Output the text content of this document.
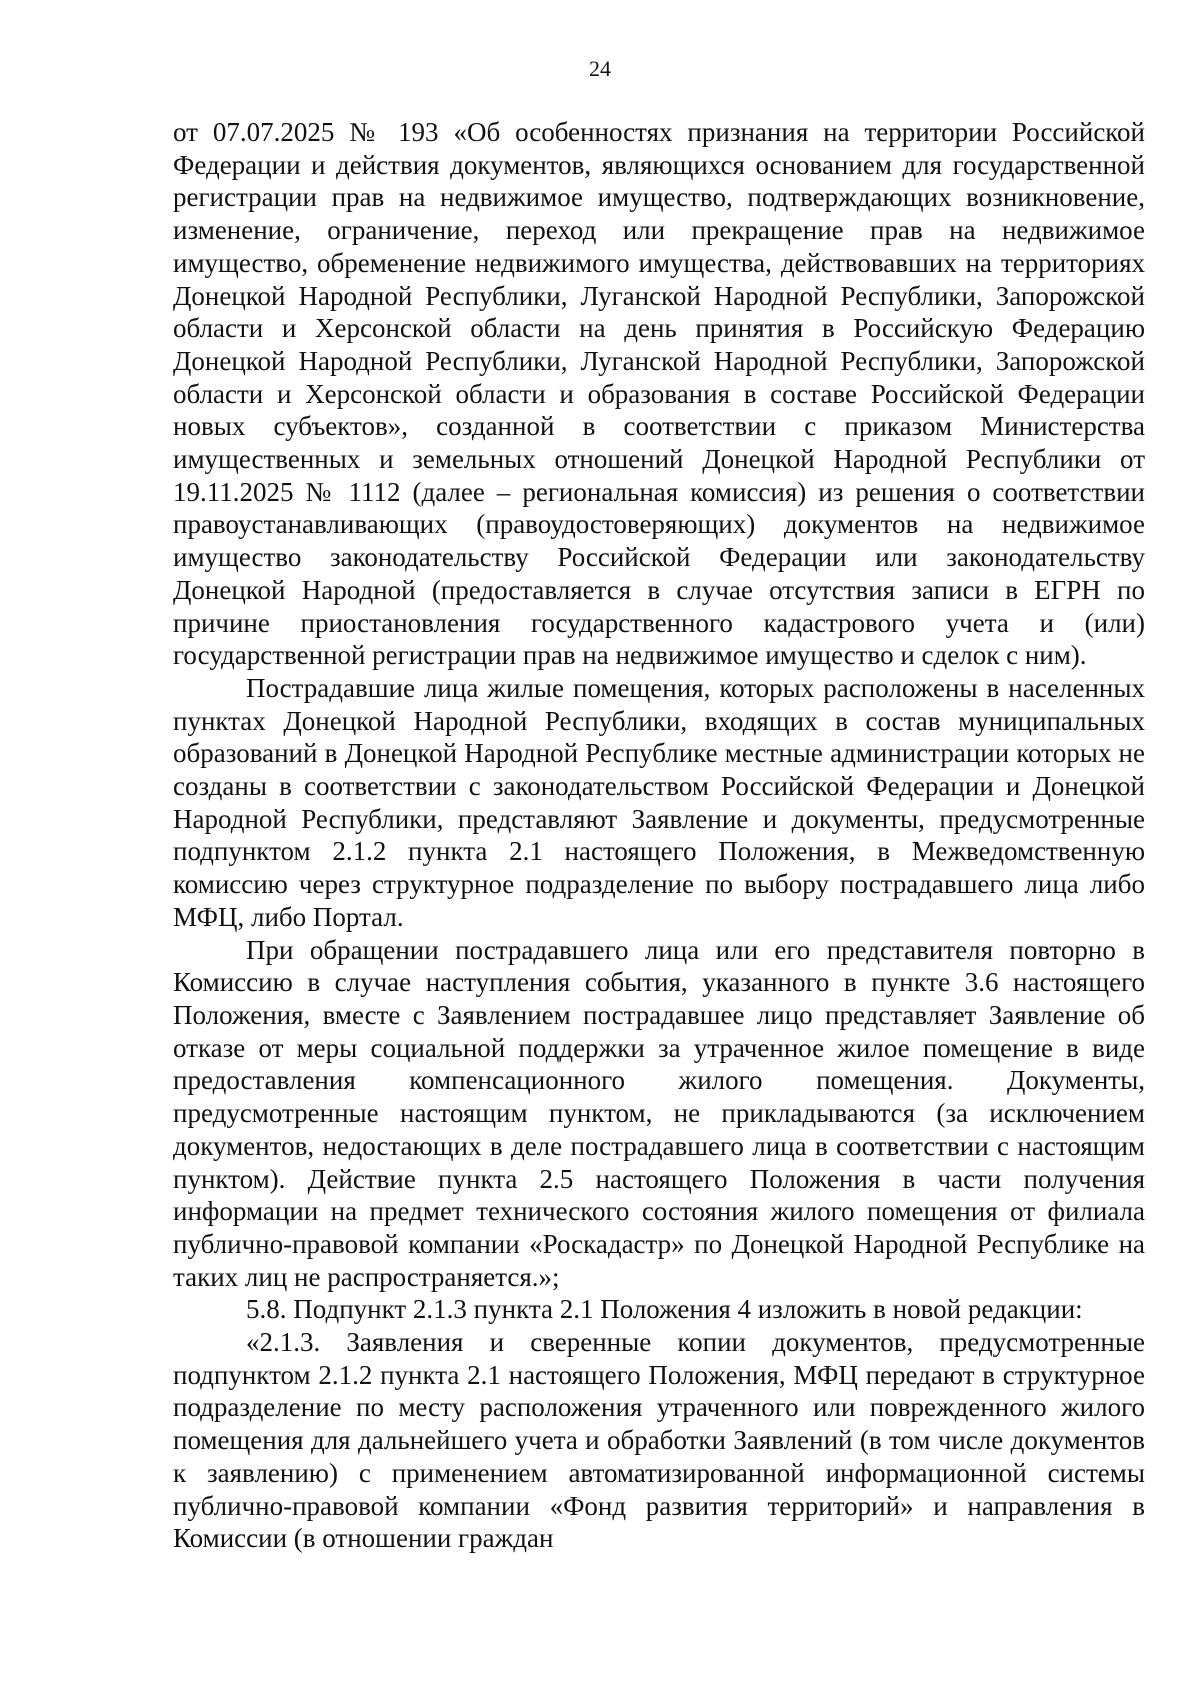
24

от 07.07.2025 № 193 «Об особенностях признания на территории Российской Федерации и действия документов, являющихся основанием для государственной регистрации прав на недвижимое имущество, подтверждающих возникновение, изменение, ограничение, переход или прекращение прав на недвижимое имущество, обременение недвижимого имущества, действовавших на территориях Донецкой Народной Республики, Луганской Народной Республики, Запорожской области и Херсонской области на день принятия в Российскую Федерацию Донецкой Народной Республики, Луганской Народной Республики, Запорожской области и Херсонской области и образования в составе Российской Федерации новых субъектов», созданной в соответствии с приказом Министерства имущественных и земельных отношений Донецкой Народной Республики от 19.11.2025 № 1112 (далее – региональная комиссия) из решения о соответствии правоустанавливающих (правоудостоверяющих) документов на недвижимое имущество законодательству Российской Федерации или законодательству Донецкой Народной (предоставляется в случае отсутствия записи в ЕГРН по причине приостановления государственного кадастрового учета и (или) государственной регистрации прав на недвижимое имущество и сделок с ним).

Пострадавшие лица жилые помещения, которых расположены в населенных пунктах Донецкой Народной Республики, входящих в состав муниципальных образований в Донецкой Народной Республике местные администрации которых не созданы в соответствии с законодательством Российской Федерации и Донецкой Народной Республики, представляют Заявление и документы, предусмотренные подпунктом 2.1.2 пункта 2.1 настоящего Положения, в Межведомственную комиссию через структурное подразделение по выбору пострадавшего лица либо МФЦ, либо Портал.

При обращении пострадавшего лица или его представителя повторно в Комиссию в случае наступления события, указанного в пункте 3.6 настоящего Положения, вместе с Заявлением пострадавшее лицо представляет Заявление об отказе от меры социальной поддержки за утраченное жилое помещение в виде предоставления компенсационного жилого помещения. Документы, предусмотренные настоящим пунктом, не прикладываются (за исключением документов, недостающих в деле пострадавшего лица в соответствии с настоящим пунктом). Действие пункта 2.5 настоящего Положения в части получения информации на предмет технического состояния жилого помещения от филиала публично-правовой компании «Роскадастр» по Донецкой Народной Республике на таких лиц не распространяется.»;

5.8. Подпункт 2.1.3 пункта 2.1 Положения 4 изложить в новой редакции:

«2.1.3. Заявления и сверенные копии документов, предусмотренные подпунктом 2.1.2 пункта 2.1 настоящего Положения, МФЦ передают в структурное подразделение по месту расположения утраченного или поврежденного жилого помещения для дальнейшего учета и обработки Заявлений (в том числе документов к заявлению) с применением автоматизированной информационной системы публично-правовой компании «Фонд развития территорий» и направления в Комиссии (в отношении граждан
